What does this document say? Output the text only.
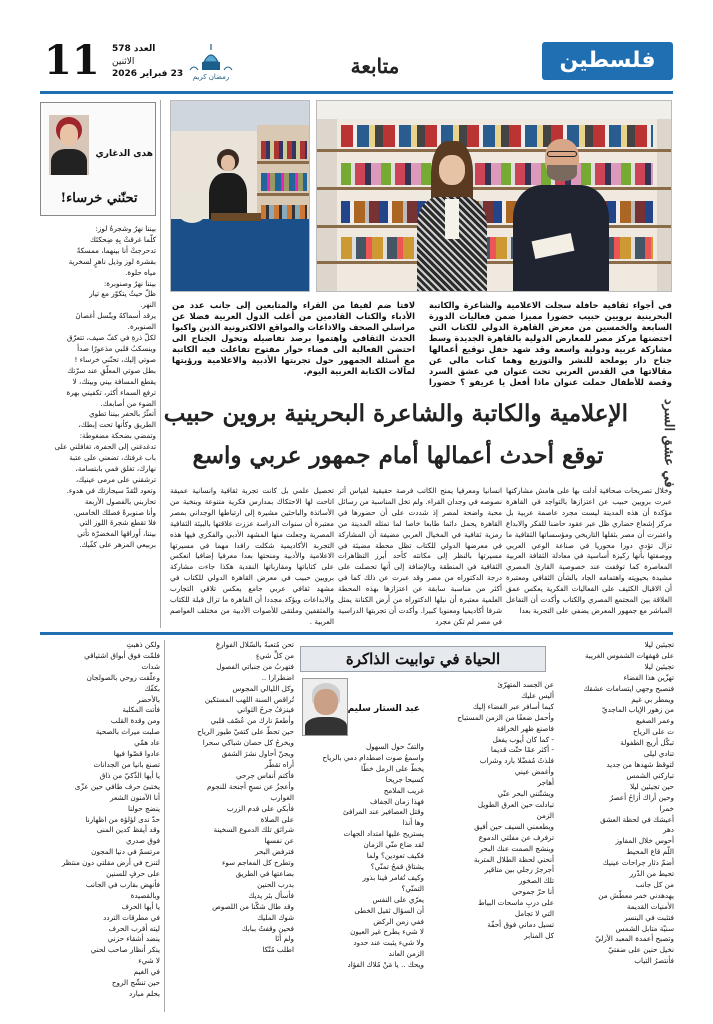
11 العدد 578
الاثنين
23 فبراير 2026	رمضان كريم	متابعة	فلسطين
هدى الدغاري
تحنّني خرساء!
بيننا نهرٌ وشجرةُ لوز:
كلّما غرقتْ بِهِ ضِحكتَك
تدحرجتْ أنا بينهما، ممسكةً
بقشرة لوز وذيل ناهرٍ لسخرية
مياه حلوة.
بيننا نهرٌ وصنوبرة:
ظلّ حيثُ يتكوّر مع تيار
النهر.
يرقد أسماكهُ ويتّسل أغصانَ
الصنوبرة.
لكلّ ذرةِ في كفّ صيف، تتعرّق
وينسكبُ قلبي مذعورًا صدأ
صوتي إليك، تحنّني خرساء !
بطل صوتي المعلّقِ عند سرّتك
يقطع المسافة بيني وبينك، لا
ترفع السماء أكثر، تكفيني بهرة
الضوء من أصابعك.
أتعثّرُ بالحفر بيننا تطوي
الطريق وكأنها تحت إبطك،
وتمضي بضحكة مضغوطة:
تدغدغني إلى الحفرة، تغافلني على
باب غرفتك، تضعني على عتبة
نهارك، تغلق فمي بابتسامة،
ترشقني على مرمى عينيك،
وتعود لتُقدّ سيجارتك في هدوء.
تحاربني بالفصول الأربعة
وأنا صنوبرةٌ فصلك الخامس.
فلا تقطع شجرةَ اللوز التي
بيننا، أوراقها المخضرّة تأتي
بربيعي المزهر على كفّيك.
في أجواء ثقافية حافلة سجلت الاعلامية والشاعرة والكاتبة البحرينية برويين حبيب حضورا مميزا ضمن فعاليات الدورة السابعة والخمسين من معرض القاهرة الدولي للكتاب التي احتضنها مركز مصر للمعارض الدولية بالقاهرة الجديدة وسط مشاركة عربية ودولية واسعة وقد شهد حفل توقيع أعمالها جناح دار يوملحة للنشر والتوزيع وهما كتاب مالي عن مقالاتها في القدس العربي تحت عنوان في عشق السرد وقصة للأطفال حملت عنوان ماذا أفعل يا عريفو ؟ حضورا لافتا ضم لفيفا من القراء والمتابعين إلى جانب عدد من الأدباء والكتاب القادمين من أغلب الدول العربية فضلا عن مراسلي الصحف والاذاعات والمواقع الالكترونية الذين واكبوا الحدث الثقافي واهتموا برصد تفاصيله وتحول الجناح الى احتضن الفعالية الى فضاء حوار مفتوح تفاعلت فيه الكاتبة مع أسئلة الجمهور حول تجربتها الأدبية والاعلامية ورؤيتها لمآلات الكتابة العربية اليوم.
في عشق السرد
الإعلامية والكاتبة والشاعرة البحرينية بروين حبيب
توقع أحدث أعمالها أمام جمهور عربي واسع
وخلال تصريحات صحافية أدلت بها على هامش مشاركتها عبرت برويين حبيب عن اعتزازها بالتواجد في القاهرة مؤكدة أن هذه المدينة ليست مجرد عاصمة عربية بل مركز إشعاع حضاري ظل عبر عقود حاضنا للفكر والابداع واعتبرت أن مصر بثقلها التاريخي ومؤسساتها الثقافية ما تزال تؤدي دورا محوريا في صناعة الوعي العربي ووصفتها بأنها ركيزة أساسية في معادلة الثقافة العربية المعاصرة كما توقفت عند خصوصية القارئ المصري مشيدة بحيويته واهتمامه الجاد بالشأن الثقافي ومعتبرة أن الاقبال الكثيف على الفعاليات الفكرية يعكس عمق العلاقة بين المجتمع المصري والكتاب وأكدت أن التفاعل المباشر مع جمهور المعرض يضفي على التجربة بعدا
انسانيا ومعرفيا يمنح الكاتب فرصة حقيقية لقياس أثر نصوصه في وجدان القراء. ولم تخل المناسبة من رسائل محبة واضحة لمصر إذ شددت على أن حضورها في القاهرة يحمل دائما طابعا خاصا لما تمثله المدينة من رمزية ثقافية في المخيال العربي مضيفة أن المشاركة في معرضها الدولي للكتاب تظل محطة مضيئة في مسيرتها بالنظر إلى مكانته كأحد أبرز التظاهرات الثقافية في المنطقة وبالإضافة إلى أنها تحصلت على درجة الدكتوراه من مصر وقد عبرت عن ذلك كما في أكثر من مناسبة سابقة عن اعتزازها بهذه المحطة العلمية معتبرة أن نيلها الدكتوراه من أرض الكنانة يمثل شرفا أكاديميا ومعنويا كبيرا. وأكدت أن تجربتها الدراسية في مصر لم تكن مجرد
تحصيل علمي بل كانت تجربة ثقافية وانسانية عميقة اتاحت لها الاحتكاك بمدارس فكرية متنوعة وبنخبة من الأساتذة والباحثين مشيرة إلى ارتباطها الوجداني بمصر معتبرة أن سنوات الدراسة عززت علاقتها بالبيئة الثقافية المصرية وجعلت منها المشهد الأدبي والفكري فيها هذه التجربة الأكاديمية شكلت رافدا مهما في مسيرتها الاعلامية والأدبية ومنحتها بعدا معرفيا إضافيا انعكس على كتاباتها ومقارباتها النقدية هكذا جاءت مشاركة برويين حبيب في معرض القاهرة الدولي للكتاب في مشهد ثقافي عربي جامع يعكس تلاقي التجارب والابداعات ويؤكد مجددا أن القاهرة ما تزال قبلة للكتاب والمثقفين وملتقى للأصوات الأدبية من مختلف العواصم العربية .
الحياة في توابيت الذاكرة
عبد الستار سليم
تجيئين ليلا
على قهقهات الشموس الغريبة
تجيئين ليلا
تهزّين هذا الفضاء
فنصبح وجهي ايتسامات عشقك
ويمطر بي غيم
من زهور الإياب الماجديّ
وعمر الصغيع
ت على الرياح
تبكّل أريج الطفولة
تنادي ليلى
لتوقظ شهدها من جديد
تباركني الشمس
حين تجيئين ليلا
وحين أراك أزاحُ أعصرُ
خمرا
أعيشك في لحظة العشق
دهر
أحوس خلال المفاوز
اللّم قاع المحيط
أضمّ دثار جراحات عينيك
تحيط من الدّرر
من كل جانب
يهدهدني خمر معطّش من
الأمنيات القديمة
فتثبت في البنسر
سنيّة متابل الشمس
وتصبح أعمدة المعبد الأزليّ
نخيل حنين على ضفتيّ
فأنتصرُ التياب
عن الجسد المتهرّئ
أليس عليك
كيما أسافر عبر الفضاء إليك
وأحمل ضعفًا من الزمن المستباح
فاصنع ظهر الخرافة
- كما كان أيوب يفعل
- أكثر عمًا حتّت قديما
فلذتُ مُفضّلا بارد وشراب
وأغمض عيني
أهاجر
ويشتّتني البحر عنّي
تبادلت حين العرق الطويل
الزمن
ويطعمني السيف حين أفيق
ترفرف عن مفلتي الدموع
وينشج الصمت عنك البحر
أنحني لحظة الطلال المتربة
أجرجرُ رجلي بين مناقير
تلك الصخور
أنا حرّ جموحي
على دربِ ماسحات البياط
التي لا تجامل
تسيل دماني فوق أحفّة
كل المنابر
والتفّ حول السهول
واسمعُ صوت اصطدام دمي بالرياح
يخطّ على الرمل خطّا
كسيحا جريحا
غريب الملامح
فهذا زمان الجفاف
وقتل العصافير عند المرافئ
وها أنذا
يستريح عليها امتداد الجهات
لقد ضاع منّي الزمان
فكيف تعودين؟ ولما
يشتاق قمحُ تمنّي؟
وكيف تُغامر فينا بذور
التمنّي؟
يعرّي على النفس
أن السؤال ثقيل الخطى
ففي زمن الركض
لا شيء يطرح غير العيون
ولا شيء يثبت عند حدود
الزمن العاند
ويحك .. يا مَنْ مُلاك الفؤاد
تحن مُتعبةً بالسّلال الفوارغِ
من كلِّ شيءٍ
فتهربُ من جنباتي الفصول
اضطرارا ..
وكل الليالي المجوس
تُراقص السنة اللهب المستكين
فينزفُ جرحُ الثواني
وأطعمُ نارك من عُصّف قلبي
حين تحطّ على كتفيّ طيور الرياح
ويخرجُ كل حصان شباكي سحرا
ويجنّ أحاول نشرَ الشفق
أراه تقطّر
فأكتم أنفاس جرحي
وأعجزُ عن نسجِ أجنحة للنجوم
الغوارب
فأبكي على قدم الزرب
على الصلاة
شرائق تلك الدموع السخينة
عن نفسها
فترفض البحر
وتطرح كل المعاجم سوء
بضاعتها في الطريق
بدرب الحنين
فأسأل بئر يديك
وقد طال شكّنا من اللصوص
شوك المليك
فحين وقفتُ ببابك
ولم أنَا
اطلب مُتّكا
ولكن ذهبتِ
فلمّت فوق أبواق اشتياقي
شدات
وعلّقت روحي بالصولجان
بكفّك
بالأحضر
فأتت المكلبة
ومن وقدة القلب
صلبت ميراث بالصحية
عاد همّي
عادوا قصّوا فيها
تصنع بانيا من الجدانات
يا أيها الذّكيّ من ذاق
يختبئ حرف طافي حين عزّى
أنا الآمنون الشعر
ينضج حولنا
حدّ ندى لؤلؤة من اظهارنا
وقد أيقظ كدين المنى
فوق صدري
مرتسمٌ في دنيا المجون
لتنزح في أرض مقلتي دون منتظر
على حرفٍ للسنين
فأنهض بقارب في الجانب
وبالقصيدة
يا أيها الحرف
في مطرقات التردد
ليته أقرب الحرف
ينضد أشقاء حزني
ينكر أنظار صاحب لحني
لا شيء
في الغيم
حين تنشّج الروح
بحلم مبارد
